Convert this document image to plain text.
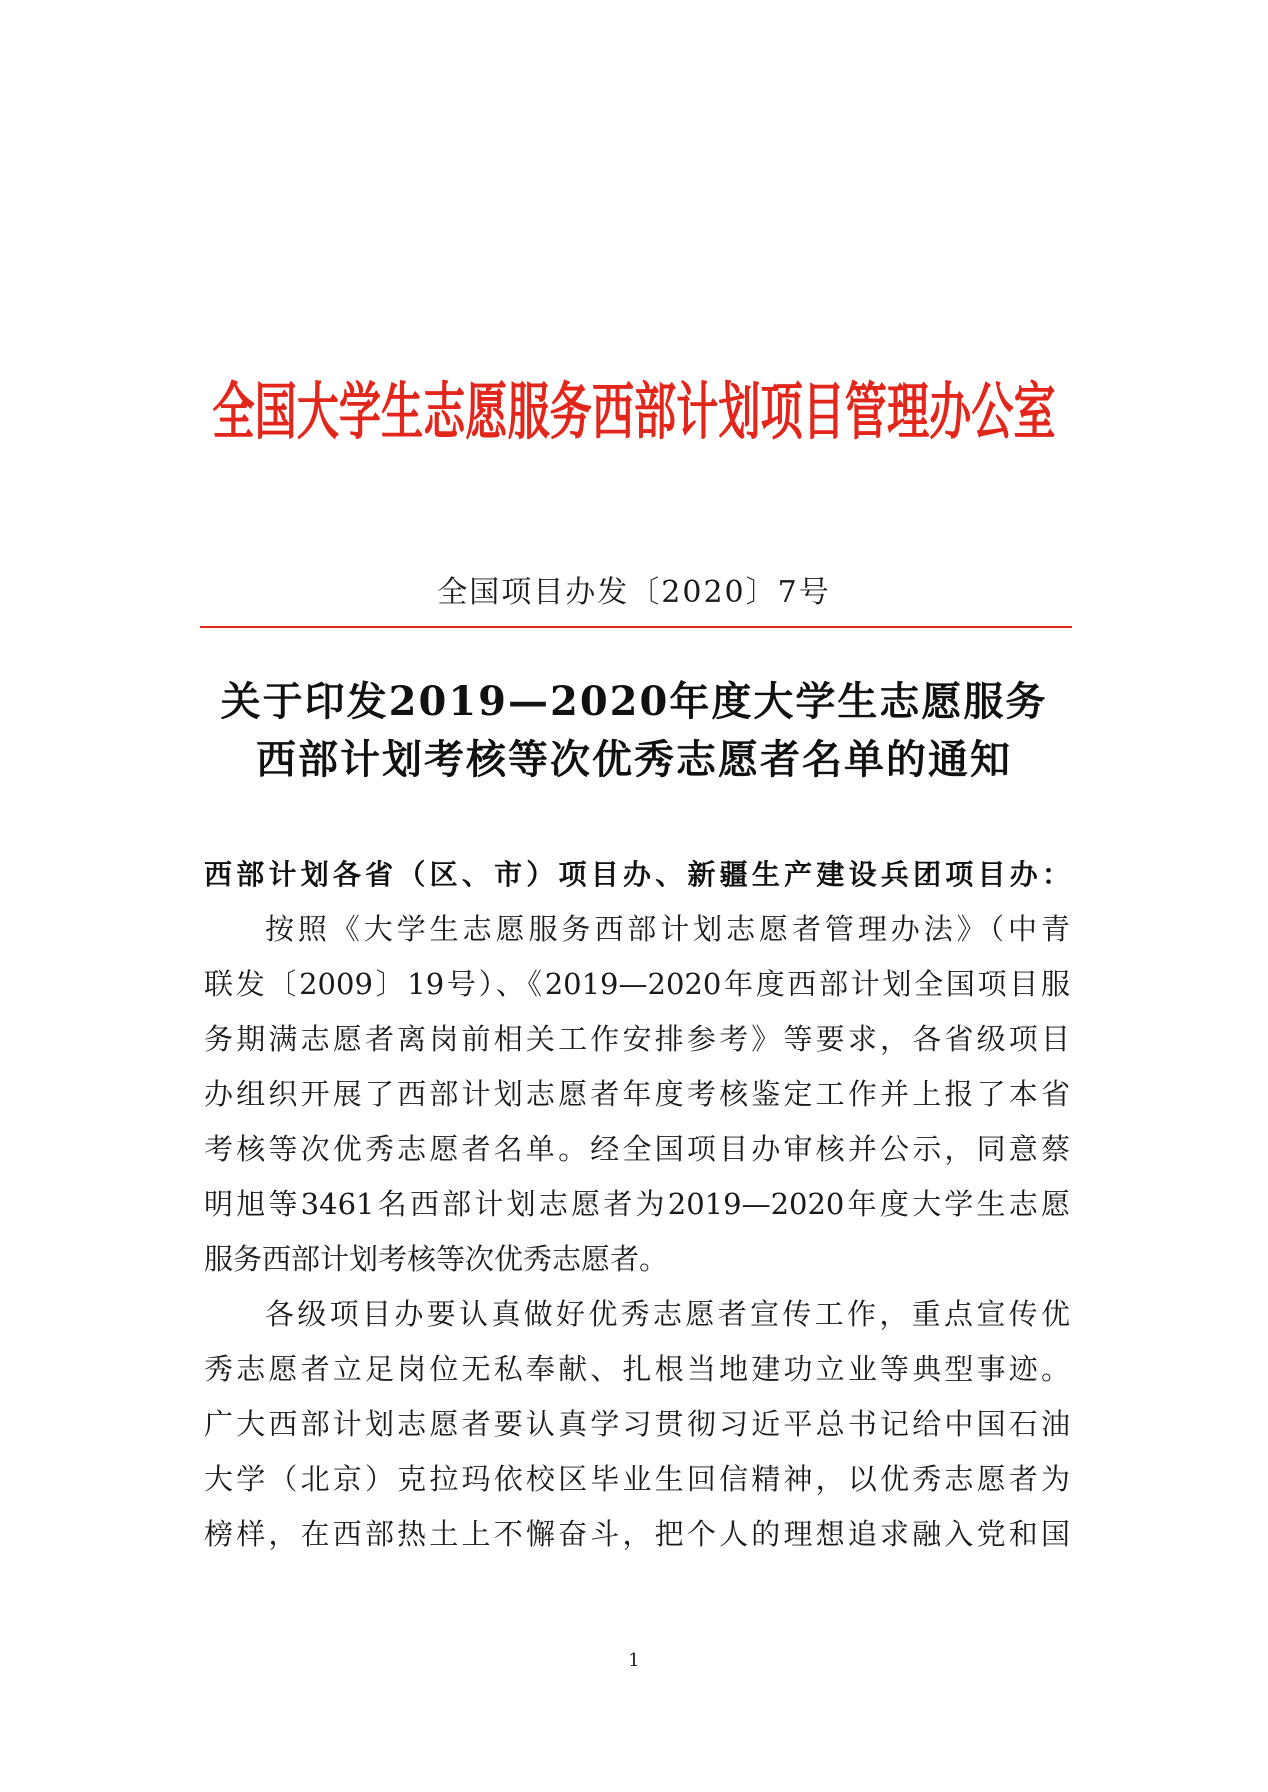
全国大学生志愿服务西部计划项目管理办公室
全国项目办发〔2020〕7号
关于印发2019—2020年度大学生志愿服务
西部计划考核等次优秀志愿者名单的通知
西部计划各省（区、市）项目办、新疆生产建设兵团项目办：
按照《大学生志愿服务西部计划志愿者管理办法》（中青
联发〔2009〕19号）、《2019—2020年度西部计划全国项目服
务期满志愿者离岗前相关工作安排参考》等要求，各省级项目
办组织开展了西部计划志愿者年度考核鉴定工作并上报了本省
考核等次优秀志愿者名单。经全国项目办审核并公示，同意蔡
明旭等3461名西部计划志愿者为2019—2020年度大学生志愿
服务西部计划考核等次优秀志愿者。
各级项目办要认真做好优秀志愿者宣传工作，重点宣传优
秀志愿者立足岗位无私奉献、扎根当地建功立业等典型事迹。
广大西部计划志愿者要认真学习贯彻习近平总书记给中国石油
大学（北京）克拉玛依校区毕业生回信精神，以优秀志愿者为
榜样，在西部热土上不懈奋斗，把个人的理想追求融入党和国
1
